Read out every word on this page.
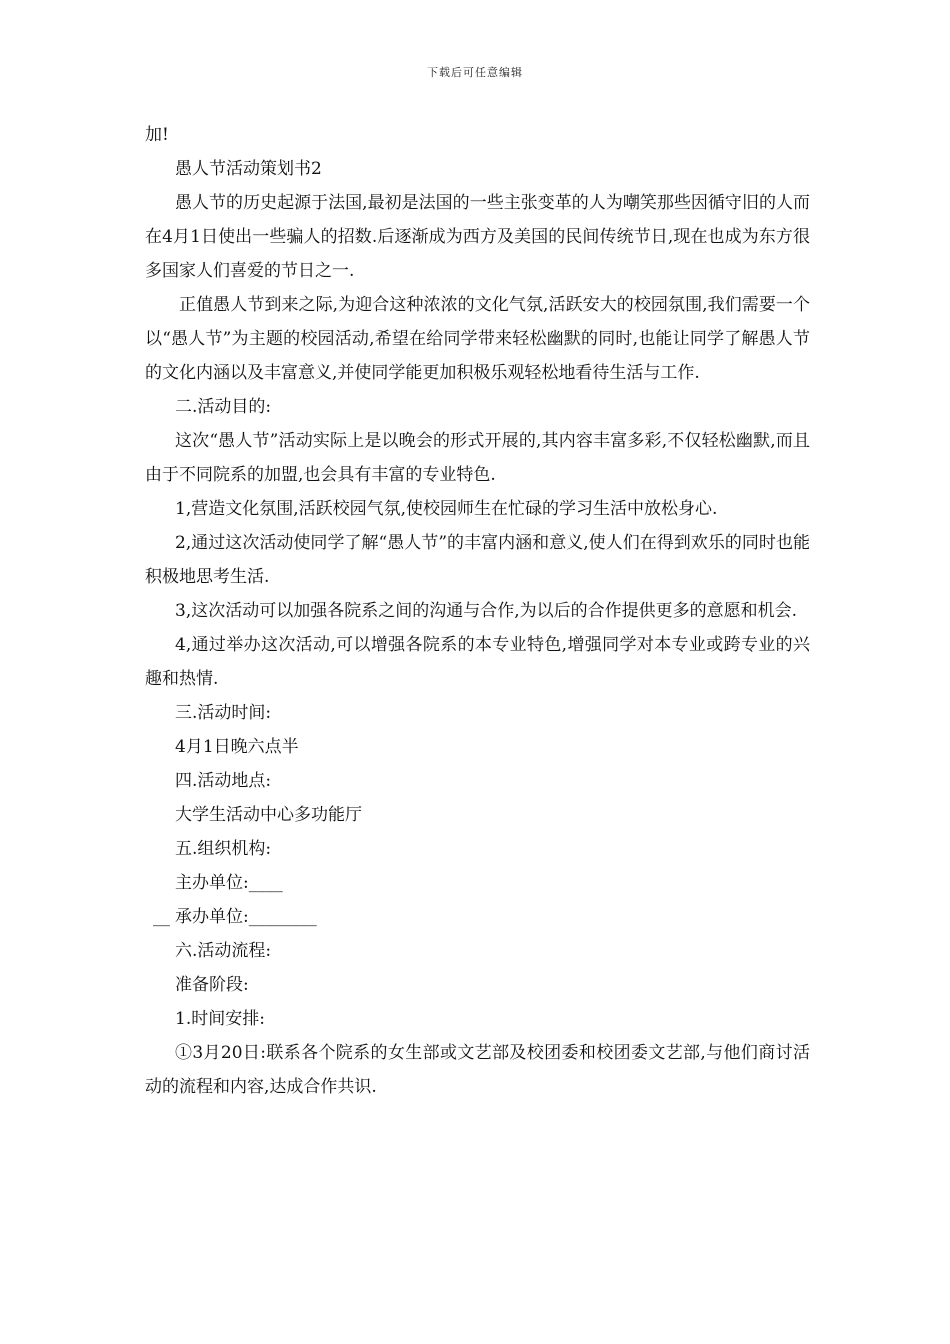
下载后可任意编辑

加!

愚人节活动策划书2

愚人节的历史起源于法国,最初是法国的一些主张变革的人为嘲笑那些因循守旧的人而在4月1日使出一些骗人的招数.后逐渐成为西方及美国的民间传统节日,现在也成为东方很多国家人们喜爱的节日之一.

正值愚人节到来之际,为迎合这种浓浓的文化气氛,活跃安大的校园氛围,我们需要一个以“愚人节”为主题的校园活动,希望在给同学带来轻松幽默的同时,也能让同学了解愚人节的文化内涵以及丰富意义,并使同学能更加积极乐观轻松地看待生活与工作.

二.活动目的:

这次“愚人节”活动实际上是以晚会的形式开展的,其内容丰富多彩,不仅轻松幽默,而且由于不同院系的加盟,也会具有丰富的专业特色.

1,营造文化氛围,活跃校园气氛,使校园师生在忙碌的学习生活中放松身心.

2,通过这次活动使同学了解“愚人节”的丰富内涵和意义,使人们在得到欢乐的同时也能积极地思考生活.

3,这次活动可以加强各院系之间的沟通与合作,为以后的合作提供更多的意愿和机会.

4,通过举办这次活动,可以增强各院系的本专业特色,增强同学对本专业或跨专业的兴趣和热情.

三.活动时间:

4月1日晚六点半

四.活动地点:

大学生活动中心多功能厅

五.组织机构:

主办单位:____

__ 承办单位:________

六.活动流程:

准备阶段:

1.时间安排:

①3月20日:联系各个院系的女生部或文艺部及校团委和校团委文艺部,与他们商讨活动的流程和内容,达成合作共识.
